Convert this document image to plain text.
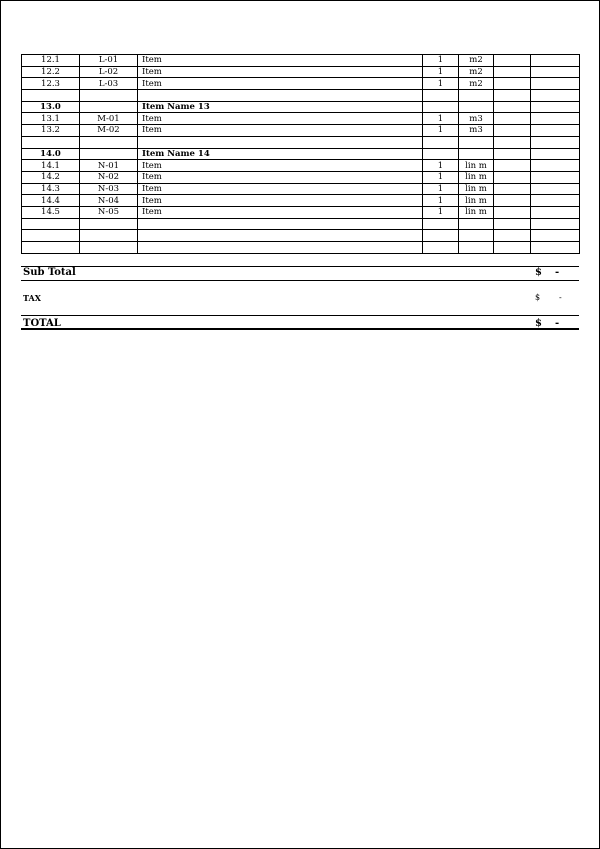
12.1	L-01	Item	1	m2		
12.2	L-02	Item	1	m2		
12.3	L-03	Item	1	m2		

13.0		Item Name 13				
13.1	M-01	Item	1	m3		
13.2	M-02	Item	1	m3		

14.0		Item Name 14				
14.1	N-01	Item	1	lin m		
14.2	N-02	Item	1	lin m		
14.3	N-03	Item	1	lin m		
14.4	N-04	Item	1	lin m		
14.5	N-05	Item	1	lin m		

Sub Total	$ -
TAX	$ -
TOTAL	$ -
